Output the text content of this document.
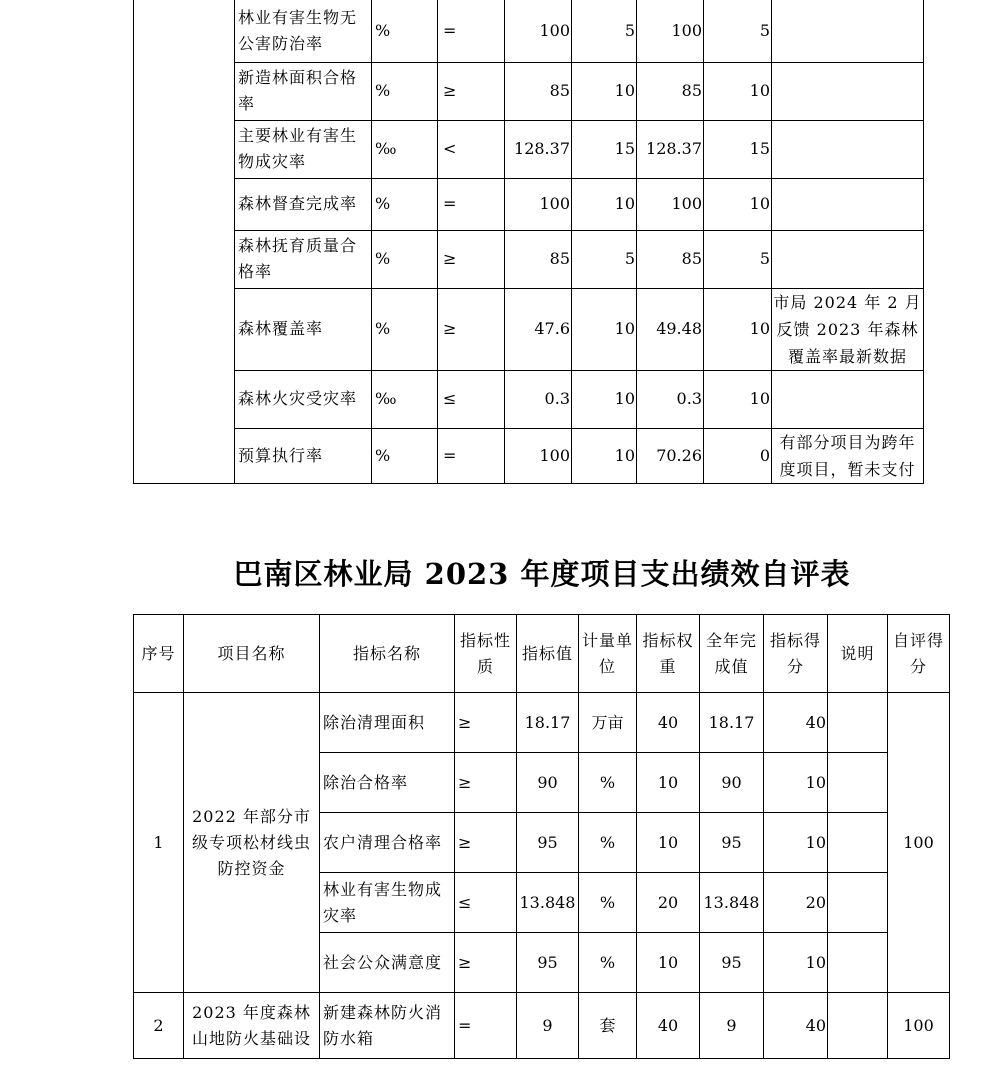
	林业有害生物无公害防治率	%	=	100	5	100	5	
	新造林面积合格率	%	≥	85	10	85	10	
	主要林业有害生物成灾率	‰	<	128.37	15	128.37	15	
	森林督查完成率	%	=	100	10	100	10	
	森林抚育质量合格率	%	≥	85	5	85	5	
	森林覆盖率	%	≥	47.6	10	49.48	10	市局 2024 年 2 月反馈 2023 年森林覆盖率最新数据
	森林火灾受灾率	‰	≤	0.3	10	0.3	10	
	预算执行率	%	=	100	10	70.26	0	有部分项目为跨年度项目，暂未支付
巴南区林业局 2023 年度项目支出绩效自评表
序号	项目名称	指标名称	指标性质	指标值	计量单位	指标权重	全年完成值	指标得分	说明	自评得分
1	2022 年部分市级专项松材线虫防控资金	除治清理面积	≥	18.17	万亩	40	18.17	40		100
		除治合格率	≥	90	%	10	90	10		
		农户清理合格率	≥	95	%	10	95	10		
		林业有害生物成灾率	≤	13.848	%	20	13.848	20		
		社会公众满意度	≥	95	%	10	95	10		
2	2023 年度森林山地防火基础设	新建森林防火消防水箱	=	9	套	40	9	40		100
